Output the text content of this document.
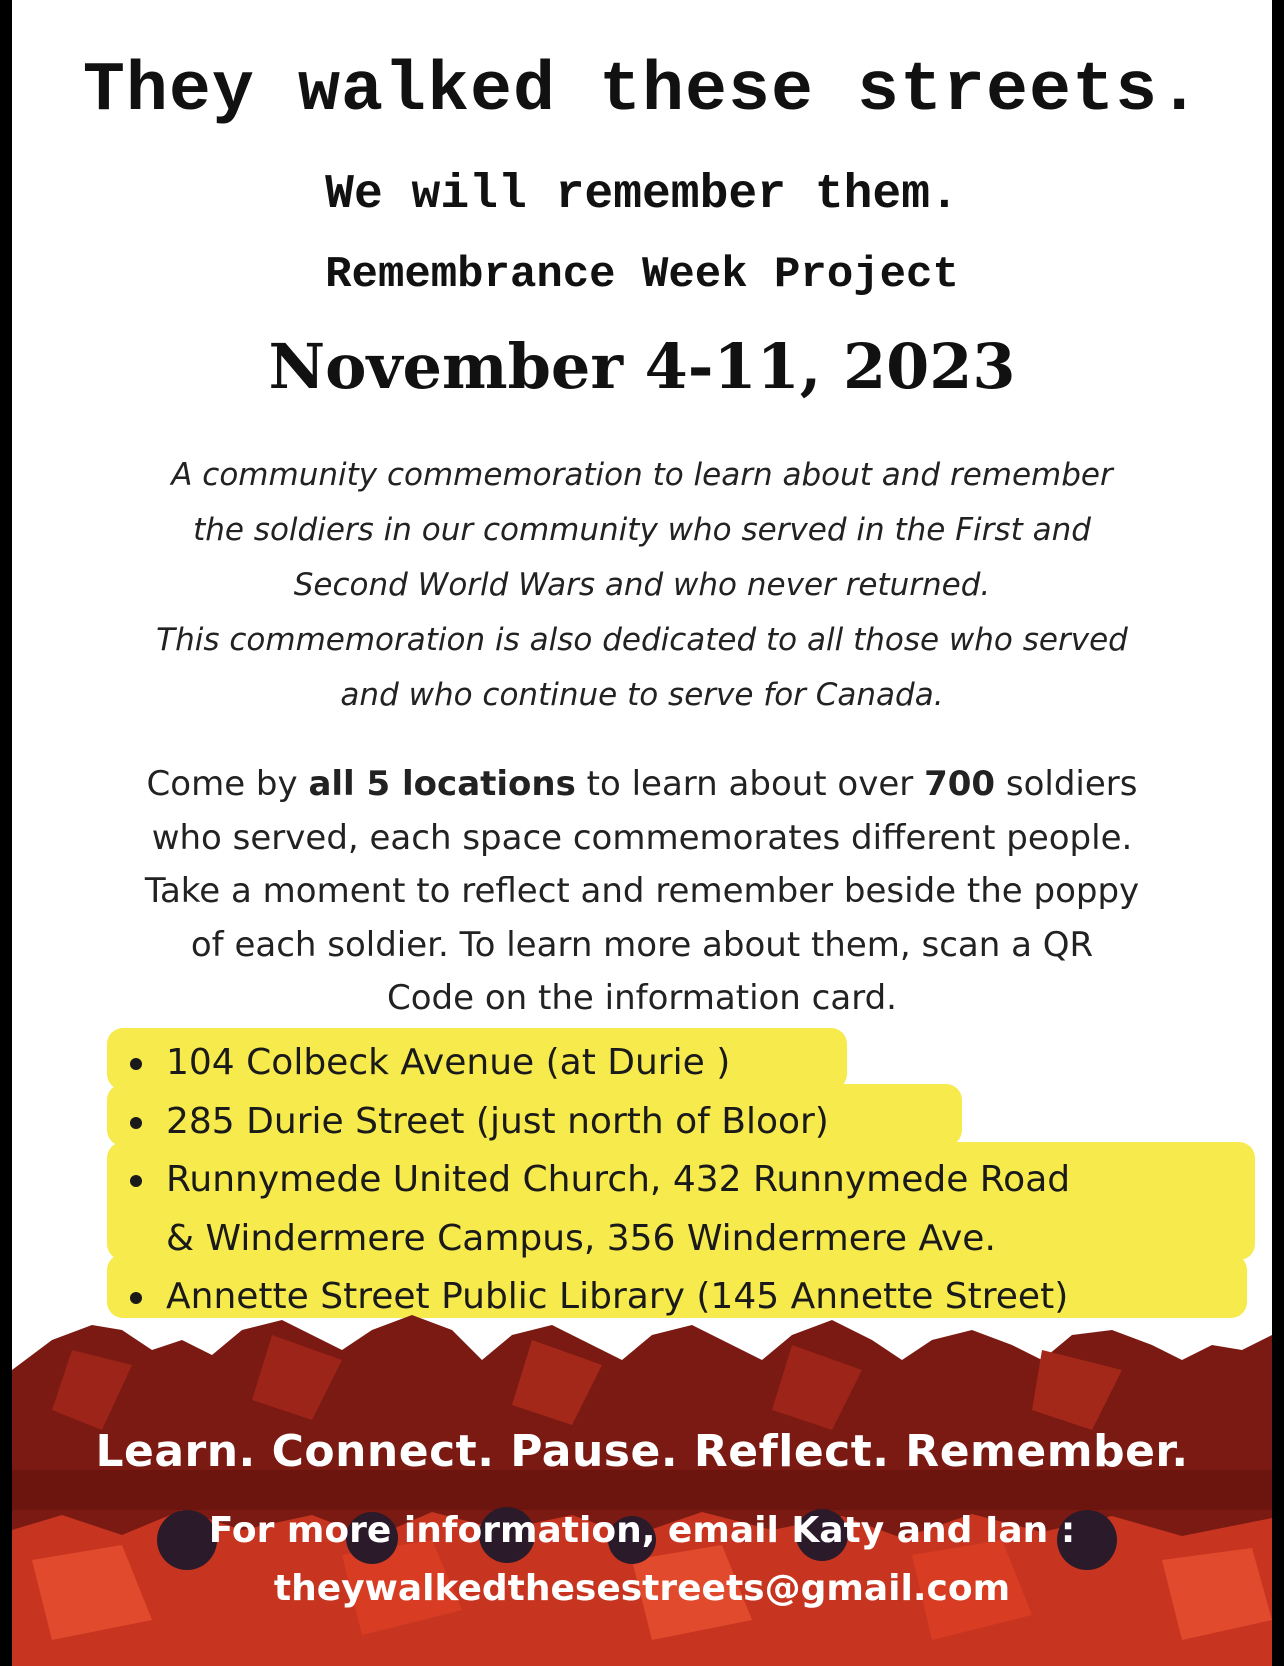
They walked these streets.
We will remember them.
Remembrance Week Project
November 4-11, 2023
A community commemoration to learn about and remember
the soldiers in our community who served in the First and
Second World Wars and who never returned.
This commemoration is also dedicated to all those who served
and who continue to serve for Canada.
Come by all 5 locations to learn about over 700 soldiers
who served, each space commemorates different people.
Take a moment to reflect and remember beside the poppy
of each soldier. To learn more about them, scan a QR
Code on the information card.
104 Colbeck Avenue (at Durie )
285 Durie Street (just north of Bloor)
Runnymede United Church, 432 Runnymede Road
& Windermere Campus, 356 Windermere Ave.
Annette Street Public Library (145 Annette Street)
Learn. Connect. Pause. Reflect. Remember.
For more information, email Katy and Ian :
theywalkedthesestreets@gmail.com
